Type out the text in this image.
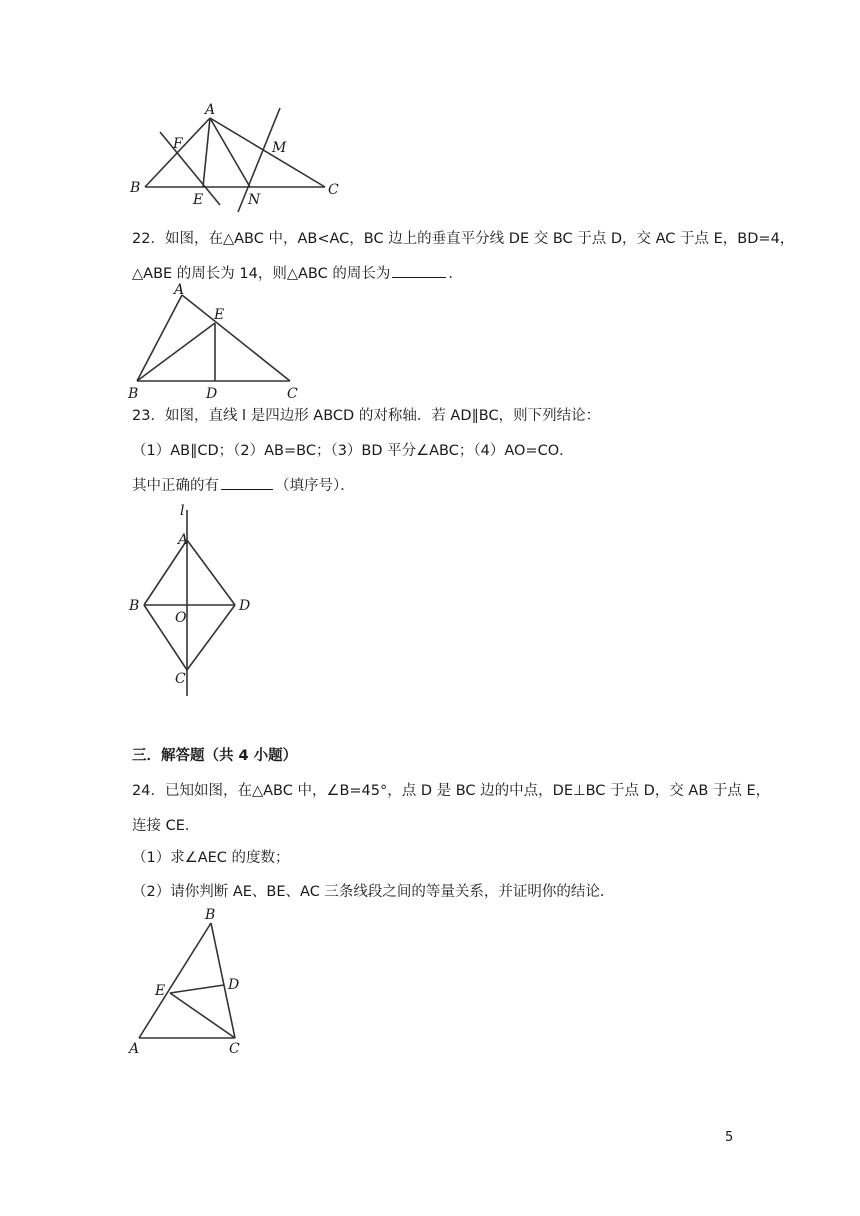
A
F	M
B
E	N
C
22．如图，在△ABC 中，AB<AC，BC 边上的垂直平分线 DE 交 BC 于点 D，交 AC 于点 E，BD=4，
△ABE 的周长为 14，则△ABC 的周长为	．
A
E
B	D	C
23．如图，直线 l 是四边形 ABCD 的对称轴．若 AD∥BC，则下列结论：
（1）AB∥CD；（2）AB=BC；（3）BD 平分∠ABC；（4）AO=CO．
其中正确的有	（填序号）．
l
A
B
O
D
C
三．解答题（共 4 小题）
24．已知如图，在△ABC 中，∠B=45°，点 D 是 BC 边的中点，DE⊥BC 于点 D，交 AB 于点 E，
连接 CE．
（1）求∠AEC 的度数；
（2）请你判断 AE、BE、AC 三条线段之间的等量关系，并证明你的结论．
B
E	D
A	C
5
